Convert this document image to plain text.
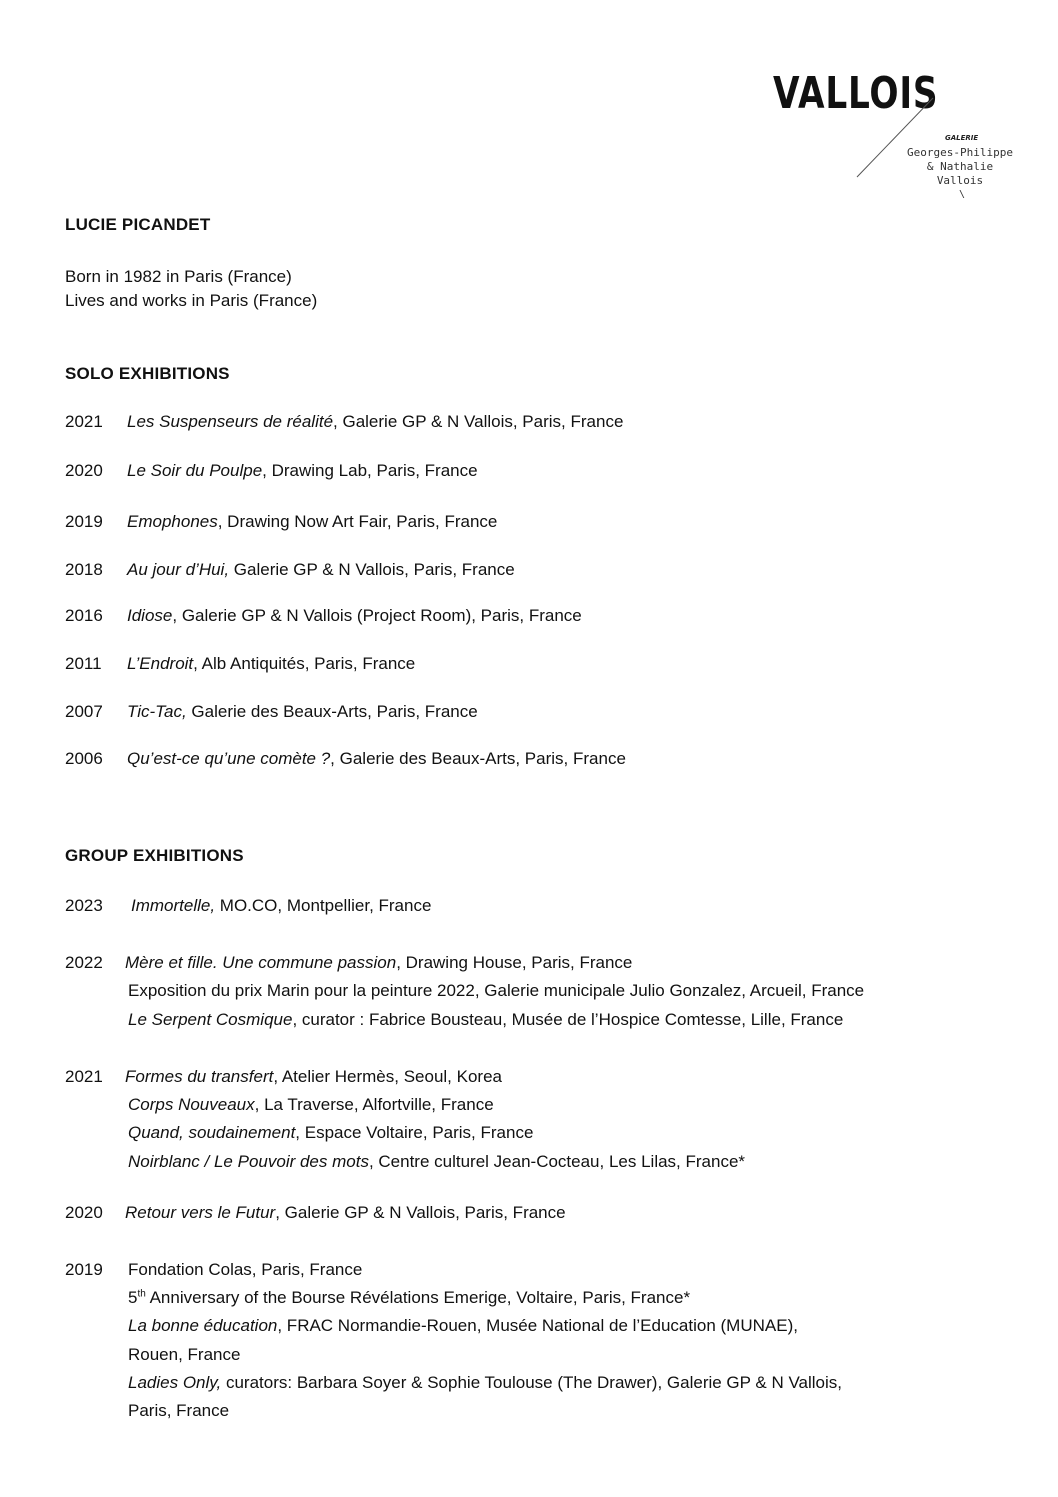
VALLOIS
GALERIE
Georges-Philippe
& Nathalie
Vallois
\
LUCIE PICANDET
Born in 1982 in Paris (France)
Lives and works in Paris (France)
SOLO EXHIBITIONS
2021 Les Suspenseurs de réalité, Galerie GP & N Vallois, Paris, France
2020 Le Soir du Poulpe, Drawing Lab, Paris, France
2019 Emophones, Drawing Now Art Fair, Paris, France
2018 Au jour d’Hui, Galerie GP & N Vallois, Paris, France
2016 Idiose, Galerie GP & N Vallois (Project Room), Paris, France
2011 L’Endroit, Alb Antiquités, Paris, France
2007 Tic-Tac, Galerie des Beaux-Arts, Paris, France
2006 Qu’est-ce qu’une comète ?, Galerie des Beaux-Arts, Paris, France
GROUP EXHIBITIONS
2023 Immortelle, MO.CO, Montpellier, France
2022 Mère et fille. Une commune passion, Drawing House, Paris, France
Exposition du prix Marin pour la peinture 2022, Galerie municipale Julio Gonzalez, Arcueil, France
Le Serpent Cosmique, curator : Fabrice Bousteau, Musée de l’Hospice Comtesse, Lille, France
2021 Formes du transfert, Atelier Hermès, Seoul, Korea
Corps Nouveaux, La Traverse, Alfortville, France
Quand, soudainement, Espace Voltaire, Paris, France
Noirblanc / Le Pouvoir des mots, Centre culturel Jean-Cocteau, Les Lilas, France*
2020 Retour vers le Futur, Galerie GP & N Vallois, Paris, France
2019 Fondation Colas, Paris, France
5th Anniversary of the Bourse Révélations Emerige, Voltaire, Paris, France*
La bonne éducation, FRAC Normandie-Rouen, Musée National de l’Education (MUNAE),
Rouen, France
Ladies Only, curators: Barbara Soyer & Sophie Toulouse (The Drawer), Galerie GP & N Vallois,
Paris, France
